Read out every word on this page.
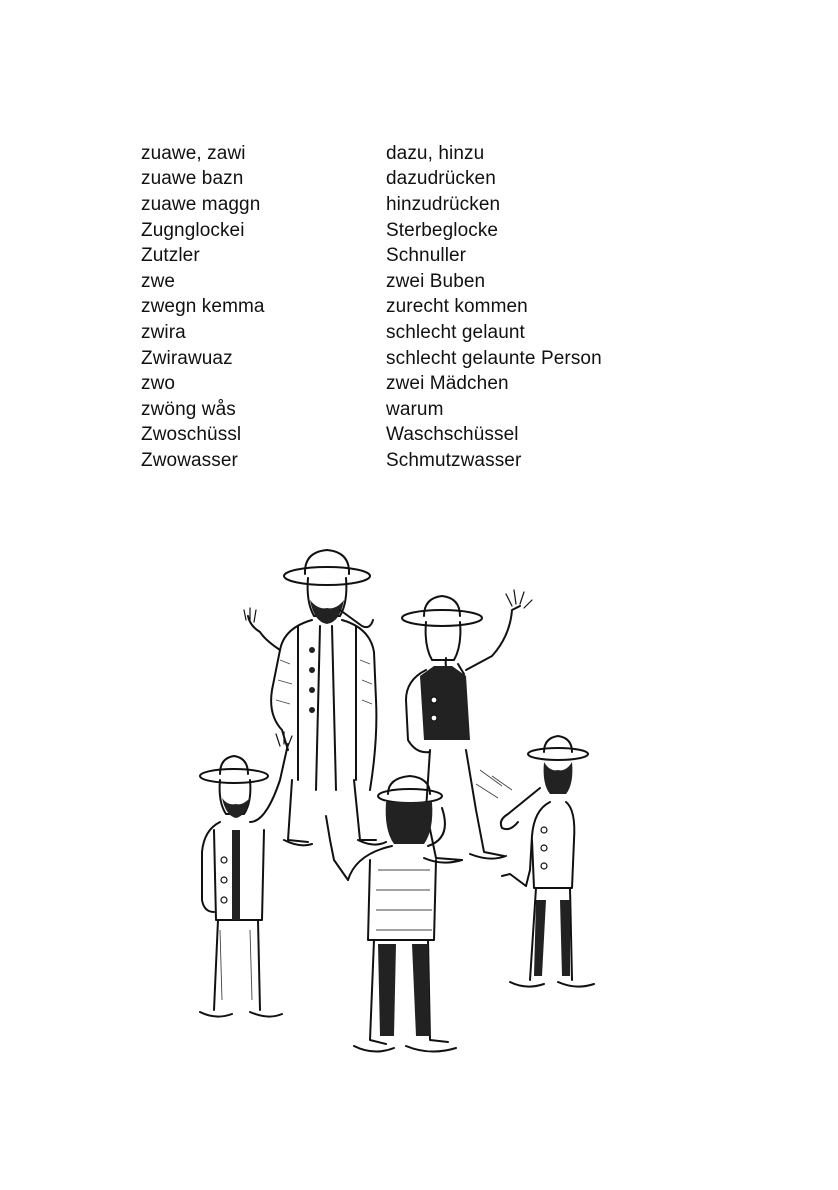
zuawe, zawi	dazu, hinzu
zuawe bazn	dazudrücken
zuawe maggn	hinzudrücken
Zugnglockei	Sterbeglocke
Zutzler	Schnuller
zwe	zwei Buben
zwegn kemma	zurecht kommen
zwira	schlecht gelaunt
Zwirawuaz	schlecht gelaunte Person
zwo	zwei Mädchen
zwöng wås	warum
Zwoschüssl	Waschschüssel
Zwowasser	Schmutzwasser
